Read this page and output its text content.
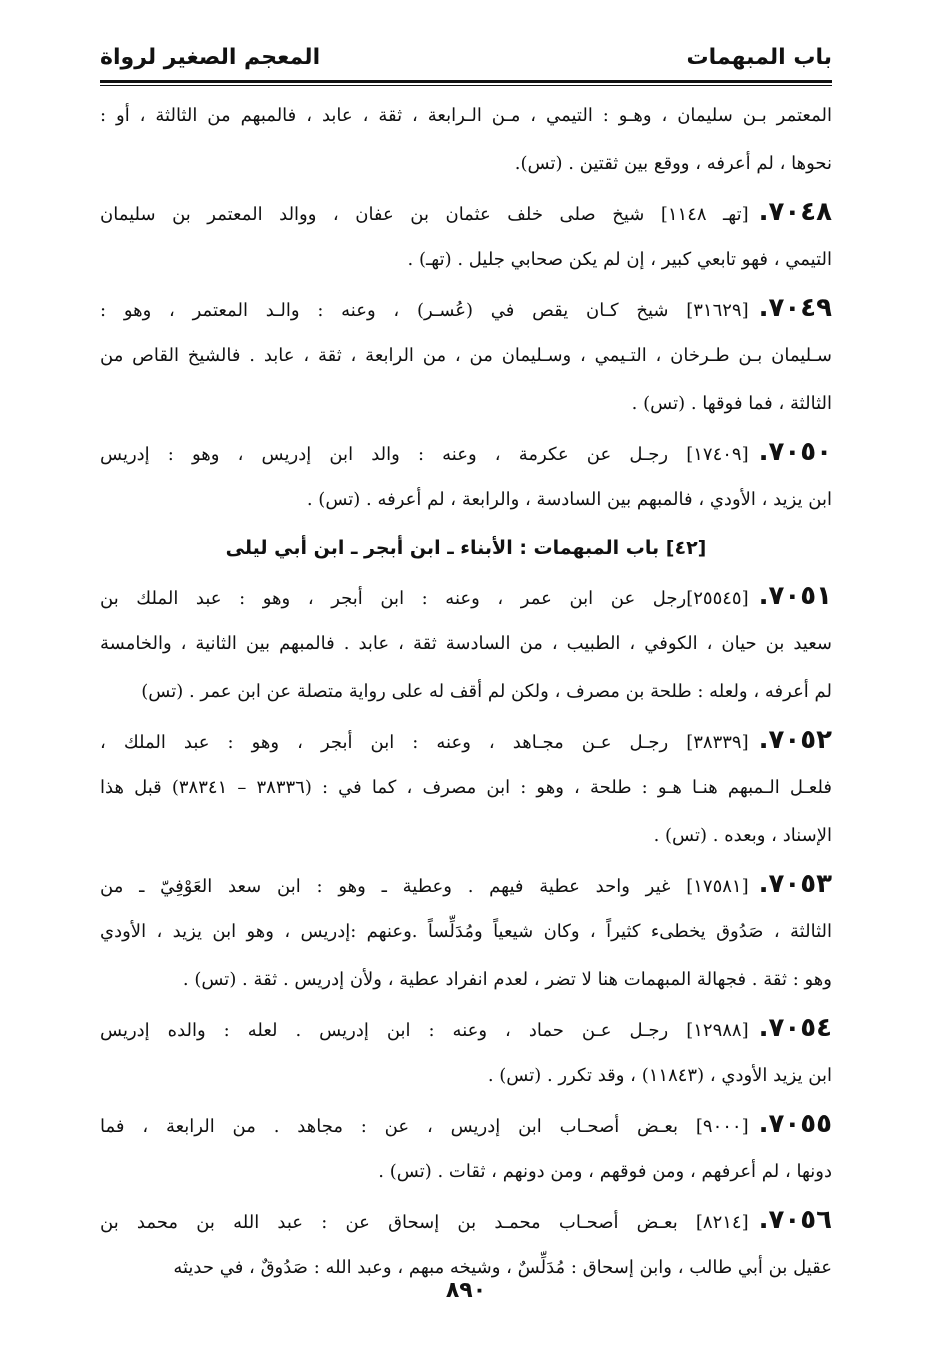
باب المبهمات
المعجم الصغير لرواة
المعتمر بـن سليمان ، وهـو : التيمي ، مـن الـرابعة ، ثقة ، عابد ، فالمبهم من الثالثة ، أو :
نحوها ، لم أعرفه ، ووقع بين ثقتين . (تس).
٧٠٤٨.[تهـ ١١٤٨] شيخ صلى خلف عثمان بن عفان ، ووالد المعتمر بن سليمان
التيمي ، فهو تابعي كبير ، إن لم يكن صحابي جليل . (تهـ) .
٧٠٤٩.[٣١٦٢٩] شيخ كـان يقص في (عُسـر) ، وعنه : والـد المعتمر ، وهو :
سـليمان بـن طـرخان ، التـيمي ، وسـليمان من ، من الرابعة ، ثقة ، عابد . فالشيخ القاص من
الثالثة ، فما فوقها . (تس) .
٧٠٥٠.[١٧٤٠٩] رجـل عن عكرمة ، وعنه : والد ابن إدريس ، وهو : إدريس
ابن يزيد ، الأودي ، فالمبهم بين السادسة ، والرابعة ، لم أعرفه . (تس) .
[٤٢] باب المبهمات : الأبناء ـ ابن أبجر ـ ابن أبي ليلى
٧٠٥١.[٢٥٥٤٥]رجل عن ابن عمر ، وعنه : ابن أبجر ، وهو : عبد الملك بن
سعيد بن حيان ، الكوفي ، الطبيب ، من السادسة ثقة ، عابد . فالمبهم بين الثانية ، والخامسة
لم أعرفه ، ولعله : طلحة بن مصرف ، ولكن لم أقف له على رواية متصلة عن ابن عمر . (تس)
٧٠٥٢.[٣٨٣٣٩] رجـل عـن مجـاهد ، وعنه : ابن أبجر ، وهو : عبد الملك ،
فلعـل الـمبهم هنـا هـو : طلحة ، وهو : ابن مصرف ، كما في : (٣٨٣٣٦ – ٣٨٣٤١) قبل هذا
الإسناد ، وبعده . (تس) .
٧٠٥٣.[١٧٥٨١] غير واحد عطية فيهم . وعطية ـ وهو : ابن سعد العَوْفِيّ ـ من
الثالثة ، صَدُوق يخطىء كثيراً ، وكان شيعياً ومُدَلِّساً .وعنهم :إدريس ، وهو ابن يزيد ، الأودي
وهو : ثقة . فجهالة المبهمات هنا لا تضر ، لعدم انفراد عطية ، ولأن إدريس . ثقة . (تس) .
٧٠٥٤.[١٢٩٨٨] رجـل عـن حماد ، وعنه : ابن إدريس . لعله : والده إدريس
ابن يزيد الأودي ، (١١٨٤٣) ، وقد تكرر . (تس) .
٧٠٥٥.[٩٠٠٠] بعـض أصحـاب ابن إدريس ، عن : مجاهد . من الرابعة ، فما
دونها ، لم أعرفهم ، ومن فوقهم ، ومن دونهم ، ثقات . (تس) .
٧٠٥٦.[٨٢١٤] بعـض أصحـاب محمـد بن إسحاق عن : عبد الله بن محمد بن
عقيل بن أبي طالب ، وابن إسحاق : مُدَلِّسٌ ، وشيخه مبهم ، وعبد الله : صَدُوقٌ ، في حديثه
٨٩٠
